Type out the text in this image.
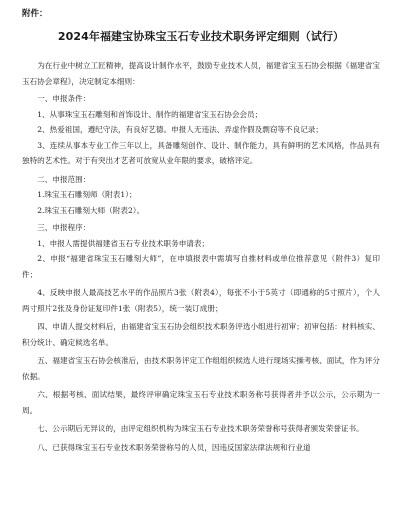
附件：
2024年福建宝协珠宝玉石专业技术职务评定细则（试行）

为在行业中树立工匠精神，提高设计制作水平，鼓励专业技术人员，福建省宝玉石协会根据《福建省宝玉石协会章程》，决定制定本细则：

一、申报条件：

1、从事珠宝玉石雕刻和首饰设计、制作的福建省宝玉石协会会员；

2、热爱祖国，遵纪守法，有良好艺德。申报人无违法、弄虚作假及剽窃等不良记录；

3、连续从事本专业工作三年以上，具备雕刻创作、设计、制作能力，具有鲜明的艺术风格，作品具有独特的艺术性。对于有突出才艺者可放宽从业年限的要求，破格评定。

二、申报范围：

1.珠宝玉石雕刻师（附表1）；

2.珠宝玉石雕刻大师（附表2）。

三、申报程序：

1、申报人需提供福建省玉石专业技术职务申请表；

2、申报“福建省珠宝玉石雕刻大师”，在申填报表中需填写自推材料或单位推荐意见（附件3）复印件；

4、反映申报人最高技艺水平的作品照片3张（附表4），每张不小于5英寸（即通称的5寸照片），个人两寸照片2张及身份证复印件1张（附表5），统一装订成册；

四、申请人提交材料后，由福建省宝玉石协会组织技术职务评选小组进行初审；初审包括：材料核实、积分统计、确定候选名单。

五、福建省宝玉石协会核准后，由技术职务评定工作组组织候选人进行现场实操考核、面试，作为评分依据。

六、根据考核、面试结果，最终评审确定珠宝玉石专业技术职务称号获得者并予以公示，公示期为一周。

七、公示期后无异议的，由评定组织机构为珠宝玉石专业技术职务荣誉称号获得者颁发荣誉证书。

八、已获得珠宝玉石专业技术职务荣誉称号的人员，因违反国家法律法规和行业道
